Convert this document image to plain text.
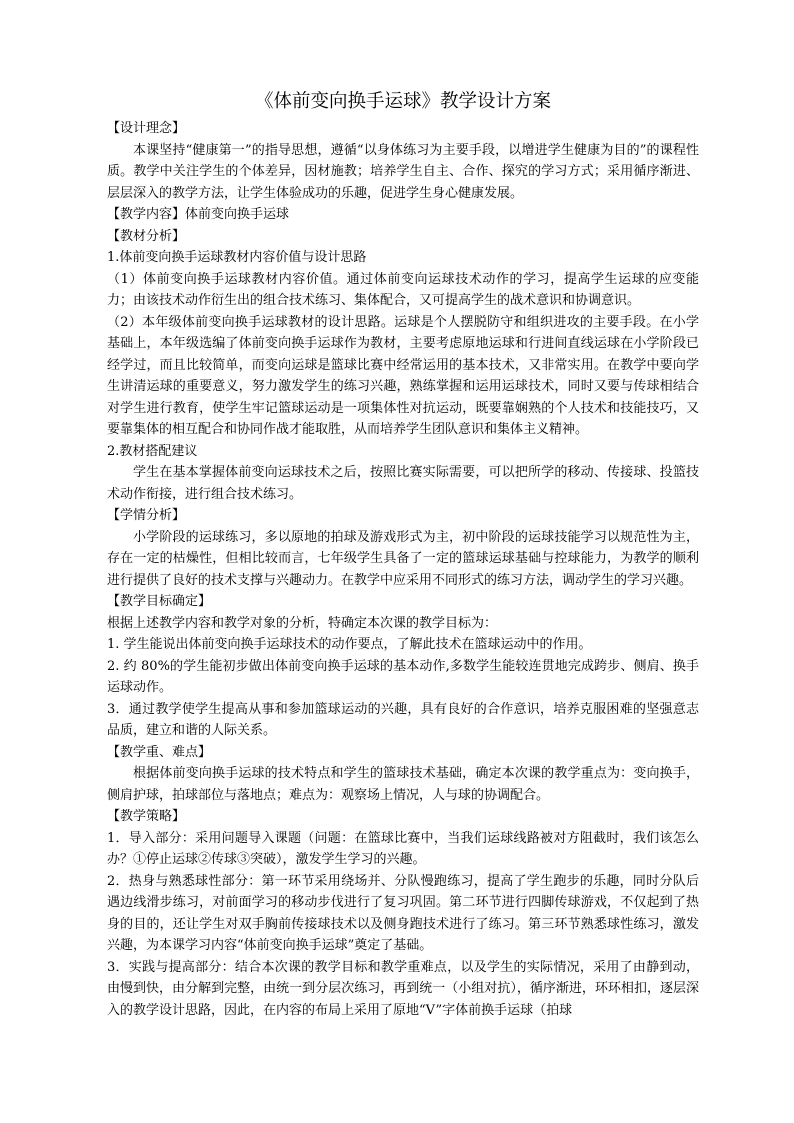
《体前变向换手运球》教学设计方案

【设计理念】

本课坚持“健康第一”的指导思想，遵循“以身体练习为主要手段，以增进学生健康为目的”的课程性质。教学中关注学生的个体差异，因材施教；培养学生自主、合作、探究的学习方式；采用循序渐进、层层深入的教学方法，让学生体验成功的乐趣，促进学生身心健康发展。

【教学内容】体前变向换手运球

【教材分析】

1.体前变向换手运球教材内容价值与设计思路

（1）体前变向换手运球教材内容价值。通过体前变向运球技术动作的学习，提高学生运球的应变能力；由该技术动作衍生出的组合技术练习、集体配合，又可提高学生的战术意识和协调意识。

（2）本年级体前变向换手运球教材的设计思路。运球是个人摆脱防守和组织进攻的主要手段。在小学基础上，本年级选编了体前变向换手运球作为教材，主要考虑原地运球和行进间直线运球在小学阶段已经学过，而且比较简单，而变向运球是篮球比赛中经常运用的基本技术，又非常实用。在教学中要向学生讲清运球的重要意义，努力激发学生的练习兴趣，熟练掌握和运用运球技术，同时又要与传球相结合对学生进行教育，使学生牢记篮球运动是一项集体性对抗运动，既要靠娴熟的个人技术和技能技巧，又要靠集体的相互配合和协同作战才能取胜，从而培养学生团队意识和集体主义精神。

2.教材搭配建议

学生在基本掌握体前变向运球技术之后，按照比赛实际需要，可以把所学的移动、传接球、投篮技术动作衔接，进行组合技术练习。

【学情分析】

小学阶段的运球练习，多以原地的拍球及游戏形式为主，初中阶段的运球技能学习以规范性为主，存在一定的枯燥性，但相比较而言，七年级学生具备了一定的篮球运球基础与控球能力，为教学的顺利进行提供了良好的技术支撑与兴趣动力。在教学中应采用不同形式的练习方法，调动学生的学习兴趣。

【教学目标确定】

根据上述教学内容和教学对象的分析，特确定本次课的教学目标为：

1. 学生能说出体前变向换手运球技术的动作要点，了解此技术在篮球运动中的作用。

2. 约 80%的学生能初步做出体前变向换手运球的基本动作,多数学生能较连贯地完成跨步、侧肩、换手运球动作。

3．通过教学使学生提高从事和参加篮球运动的兴趣，具有良好的合作意识，培养克服困难的坚强意志品质，建立和谐的人际关系。

【教学重、难点】

根据体前变向换手运球的技术特点和学生的篮球技术基础，确定本次课的教学重点为：变向换手，侧肩护球，拍球部位与落地点；难点为：观察场上情况，人与球的协调配合。

【教学策略】

1．导入部分：采用问题导入课题（问题：在篮球比赛中，当我们运球线路被对方阻截时，我们该怎么办？①停止运球②传球③突破），激发学生学习的兴趣。

2．热身与熟悉球性部分：第一环节采用绕场并、分队慢跑练习，提高了学生跑步的乐趣，同时分队后遇边线滑步练习，对前面学习的移动步伐进行了复习巩固。第二环节进行四脚传球游戏，不仅起到了热身的目的，还让学生对双手胸前传接球技术以及侧身跑技术进行了练习。第三环节熟悉球性练习，激发兴趣，为本课学习内容“体前变向换手运球”奠定了基础。

3．实践与提高部分：结合本次课的教学目标和教学重难点，以及学生的实际情况，采用了由静到动，由慢到快，由分解到完整，由统一到分层次练习，再到统一（小组对抗），循序渐进，环环相扣，逐层深入的教学设计思路，因此，在内容的布局上采用了原地“V”字体前换手运球（拍球
